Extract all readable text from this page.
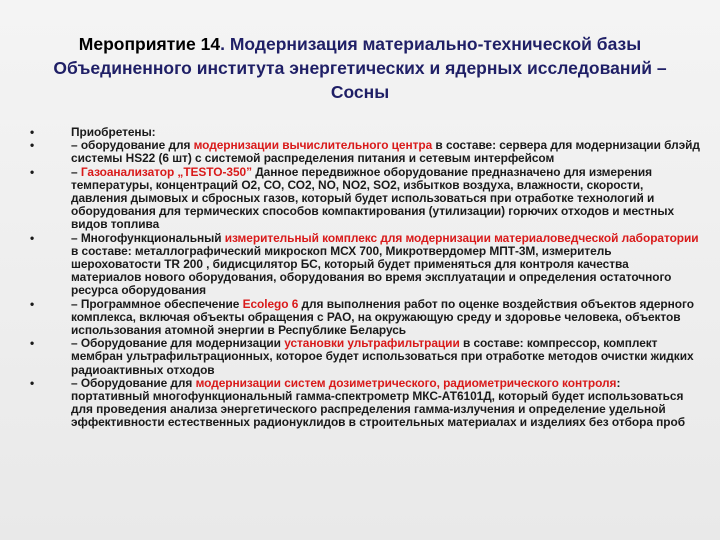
Мероприятие 14. Модернизация материально-технической базы Объединенного института энергетических и ядерных исследований – Сосны
•	Приобретены:
•	– оборудование для модернизации вычислительного центра в составе: сервера для модернизации блэйд системы HS22 (6 шт) с системой распределения питания и сетевым интерфейсом
•	– Газоанализатор „TESTO-350” Данное передвижное оборудование предназначено для измерения температуры, концентраций О2, СО, СО2, NO, NO2, SO2, избытков воздуха, влажности, скорости, давления дымовых и сбросных газов, который будет использоваться при отработке технологий и оборудования для термических способов компактирования (утилизации) горючих отходов и местных видов топлива
•	– Многофункциональный измерительный комплекс для модернизации материаловедческой лаборатории в составе: металлографический микроскоп МСХ 700, Микротвердомер МПТ-3М, измеритель шероховатости TR 200 , бидисцилятор БС, который будет применяться для контроля качества материалов нового оборудования, оборудования во время эксплуатации и определения остаточного ресурса оборудования
•	– Программное обеспечение Ecolego 6 для выполнения работ по оценке воздействия объектов ядерного комплекса, включая объекты обращения с РАО, на окружающую среду и здоровье человека, объектов использования атомной энергии в Республике Беларусь
•	– Оборудование для модернизации установки ультрафильтрации в составе: компрессор, комплект мембран ультрафильтрационных, которое будет использоваться при отработке методов очистки жидких радиоактивных отходов
•	– Оборудование для модернизации систем дозиметрического, радиометрического контроля: портативный многофункциональный гамма-спектрометр МКС-АТ6101Д, который будет использоваться для проведения анализа энергетического распределения гамма-излучения и определение удельной эффективности естественных радионуклидов в строительных материалах и изделиях без отбора проб
